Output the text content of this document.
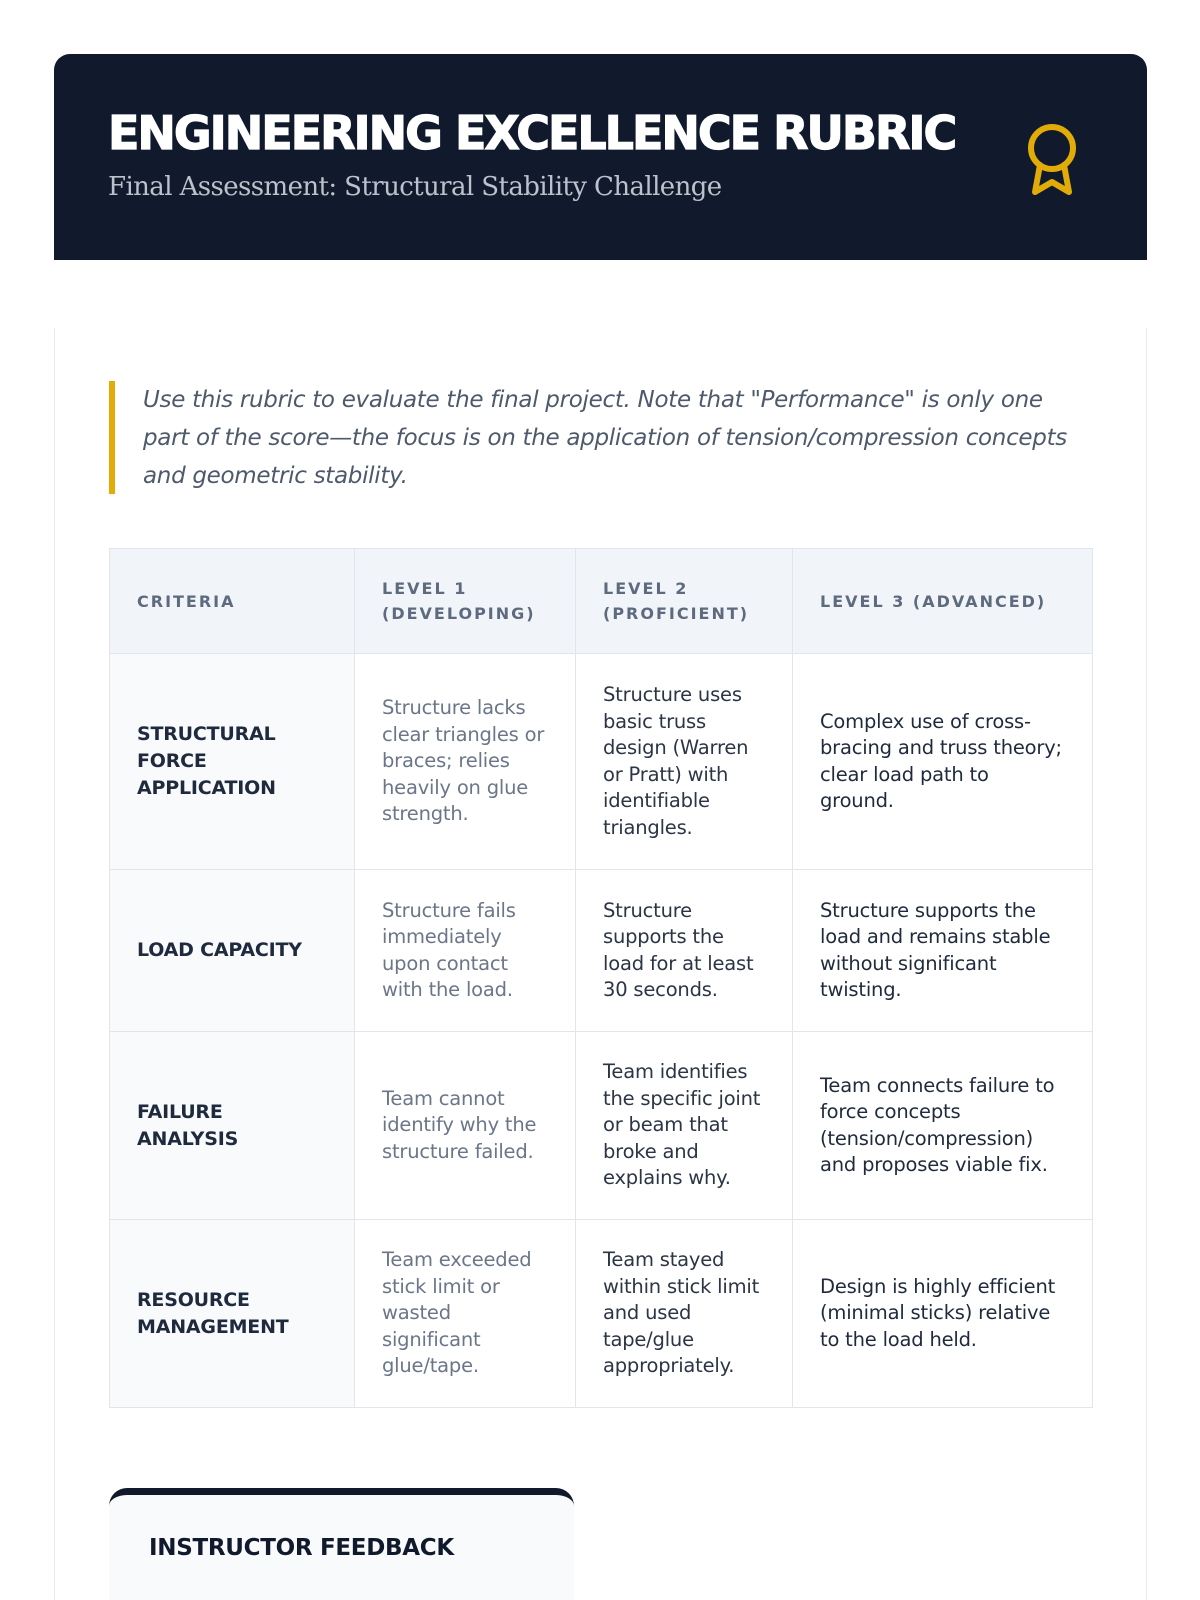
ENGINEERING EXCELLENCE RUBRIC
Final Assessment: Structural Stability Challenge

Use this rubric to evaluate the final project. Note that "Performance" is only one part of the score—the focus is on the application of tension/compression concepts and geometric stability.

CRITERIA	LEVEL 1 (DEVELOPING)	LEVEL 2 (PROFICIENT)	LEVEL 3 (ADVANCED)
STRUCTURAL FORCE APPLICATION	Structure lacks clear triangles or braces; relies heavily on glue strength.	Structure uses basic truss design (Warren or Pratt) with identifiable triangles.	Complex use of cross-bracing and truss theory; clear load path to ground.
LOAD CAPACITY	Structure fails immediately upon contact with the load.	Structure supports the load for at least 30 seconds.	Structure supports the load and remains stable without significant twisting.
FAILURE ANALYSIS	Team cannot identify why the structure failed.	Team identifies the specific joint or beam that broke and explains why.	Team connects failure to force concepts (tension/compression) and proposes viable fix.
RESOURCE MANAGEMENT	Team exceeded stick limit or wasted significant glue/tape.	Team stayed within stick limit and used tape/glue appropriately.	Design is highly efficient (minimal sticks) relative to the load held.
INSTRUCTOR FEEDBACK
